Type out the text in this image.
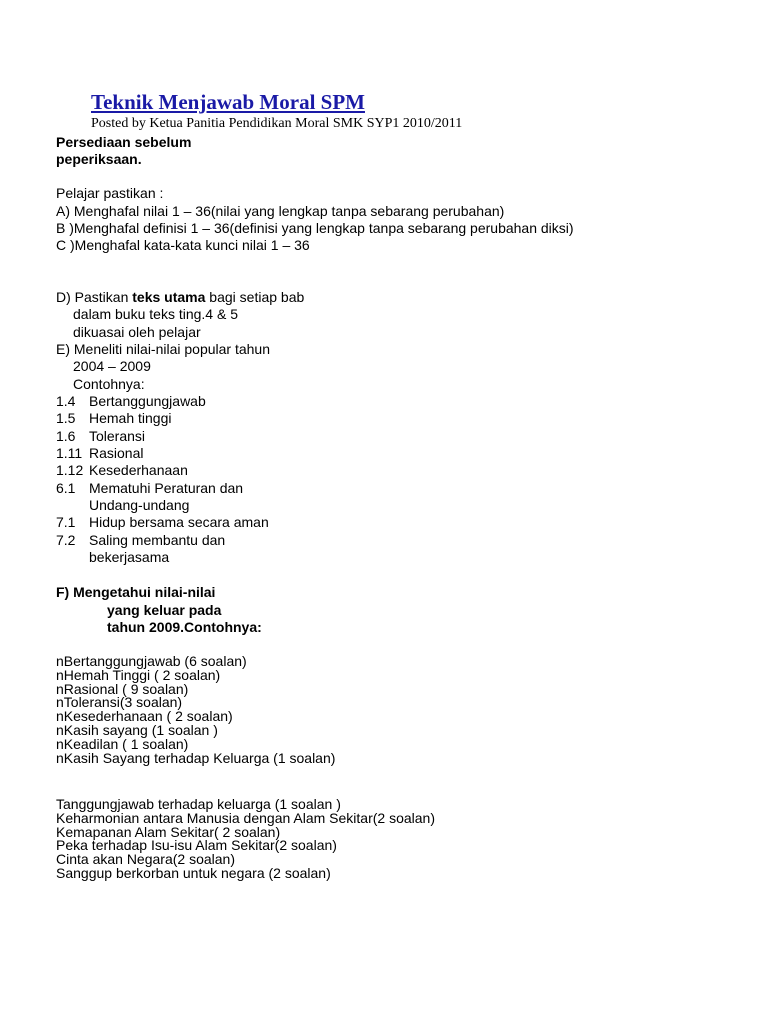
Teknik Menjawab Moral SPM
Posted by Ketua Panitia Pendidikan Moral SMK SYP1 2010/2011
Persediaan sebelum
peperiksaan.
Pelajar pastikan :
A) Menghafal nilai 1 – 36(nilai yang lengkap tanpa sebarang perubahan)
B )Menghafal definisi 1 – 36(definisi yang lengkap tanpa sebarang perubahan diksi)
C )Menghafal kata-kata kunci nilai 1 – 36
D) Pastikan teks utama bagi setiap bab
dalam buku teks ting.4 & 5
dikuasai oleh pelajar
E) Meneliti nilai-nilai popular tahun
2004 – 2009
Contohnya:
1.4 Bertanggungjawab
1.5 Hemah tinggi
1.6 Toleransi
1.11 Rasional
1.12 Kesederhanaan
6.1 Mematuhi Peraturan dan
Undang-undang
7.1 Hidup bersama secara aman
7.2 Saling membantu dan
bekerjasama
F) Mengetahui nilai-nilai
yang keluar pada
tahun 2009.Contohnya:
nBertanggungjawab (6 soalan)
nHemah Tinggi ( 2 soalan)
nRasional ( 9 soalan)
nToleransi(3 soalan)
nKesederhanaan ( 2 soalan)
nKasih sayang (1 soalan )
nKeadilan ( 1 soalan)
nKasih Sayang terhadap Keluarga (1 soalan)
Tanggungjawab terhadap keluarga (1 soalan )
Keharmonian antara Manusia dengan Alam Sekitar(2 soalan)
Kemapanan Alam Sekitar( 2 soalan)
Peka terhadap Isu-isu Alam Sekitar(2 soalan)
Cinta akan Negara(2 soalan)
Sanggup berkorban untuk negara (2 soalan)
